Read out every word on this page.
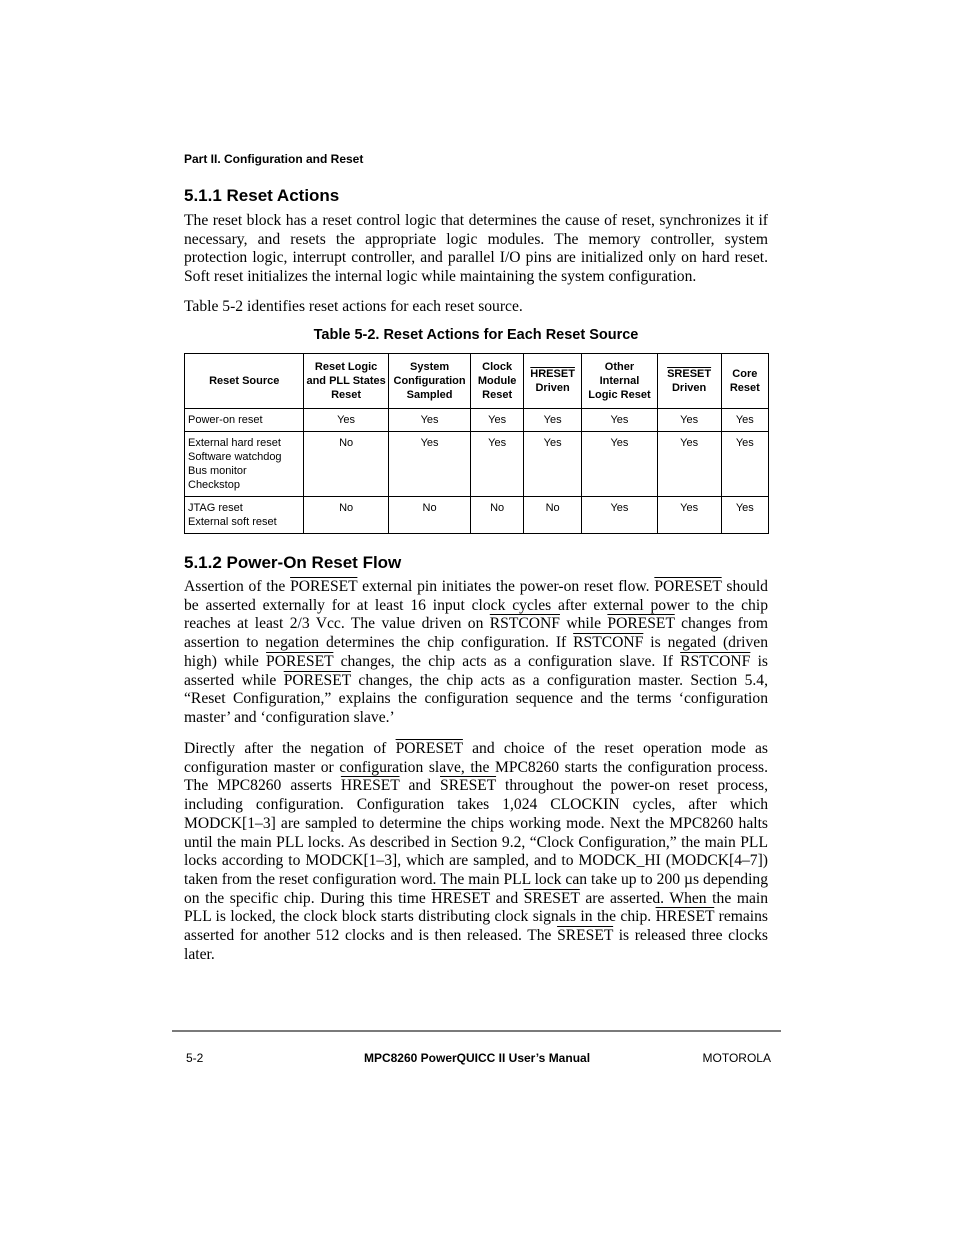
Part II. Configuration and Reset
5.1.1 Reset Actions

The reset block has a reset control logic that determines the cause of reset, synchronizes it if necessary, and resets the appropriate logic modules. The memory controller, system protection logic, interrupt controller, and parallel I/O pins are initialized only on hard reset. Soft reset initializes the internal logic while maintaining the system configuration.

Table 5-2 identifies reset actions for each reset source.

Table 5-2. Reset Actions for Each Reset Source
Reset Source	Reset Logic and PLL States Reset	System Configuration Sampled	Clock Module Reset	HRESET Driven	Other Internal Logic Reset	SRESET Driven	Core Reset

Power-on reset	Yes	Yes	Yes	Yes	Yes	Yes	Yes

External hard reset
Software watchdog
Bus monitor
Checkstop	No	Yes	Yes	Yes	Yes	Yes	Yes

JTAG reset
External soft reset	No	No	No	No	Yes	Yes	Yes
5.1.2 Power-On Reset Flow

Assertion of the PORESET external pin initiates the power-on reset flow. PORESET should be asserted externally for at least 16 input clock cycles after external power to the chip reaches at least 2/3 Vcc. The value driven on RSTCONF while PORESET changes from assertion to negation determines the chip configuration. If RSTCONF is negated (driven high) while PORESET changes, the chip acts as a configuration slave. If RSTCONF is asserted while PORESET changes, the chip acts as a configuration master. Section 5.4, “Reset Configuration,” explains the configuration sequence and the terms ‘configuration master’ and ‘configuration slave.’

Directly after the negation of PORESET and choice of the reset operation mode as configuration master or configuration slave, the MPC8260 starts the configuration process. The MPC8260 asserts HRESET and SRESET throughout the power-on reset process, including configuration. Configuration takes 1,024 CLOCKIN cycles, after which MODCK[1–3] are sampled to determine the chips working mode. Next the MPC8260 halts until the main PLL locks. As described in Section 9.2, “Clock Configuration,” the main PLL locks according to MODCK[1–3], which are sampled, and to MODCK_HI (MODCK[4–7]) taken from the reset configuration word. The main PLL lock can take up to 200 µs depending on the specific chip. During this time HRESET and SRESET are asserted. When the main PLL is locked, the clock block starts distributing clock signals in the chip. HRESET remains asserted for another 512 clocks and is then released. The SRESET is released three clocks later.

5-2	MPC8260 PowerQUICC II User’s Manual	MOTOROLA
